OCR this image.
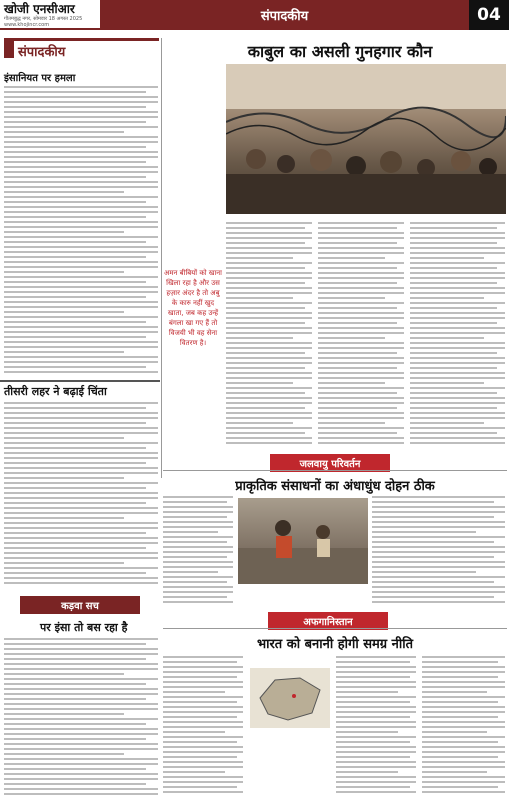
खोजी एनसीआर
गौतमबुद्ध नगर, सोमवार 18 अगस्त 2025
www.khojincr.com
संपादकीय	04
संपादकीय
इंसानियत पर हमला
तीसरी लहर ने बढ़ाई चिंता
कड़वा सच
पर इंसा तो बस रहा है
काबुल का असली गुनहगार कौन
अमन बीबियों को खाना खिला रहा है और उस हज़ार अंदर है तो अबु के कारु नहीं खुद खाता, जब कह उन्हें बंगला खा गए हैं तो विजयी भी वह सेना वितरण है।
जलवायु परिवर्तन
प्राकृतिक संसाधनों का अंधाधुंध दोहन ठीक
अफगानिस्तान
भारत को बनानी होगी समग्र नीति
